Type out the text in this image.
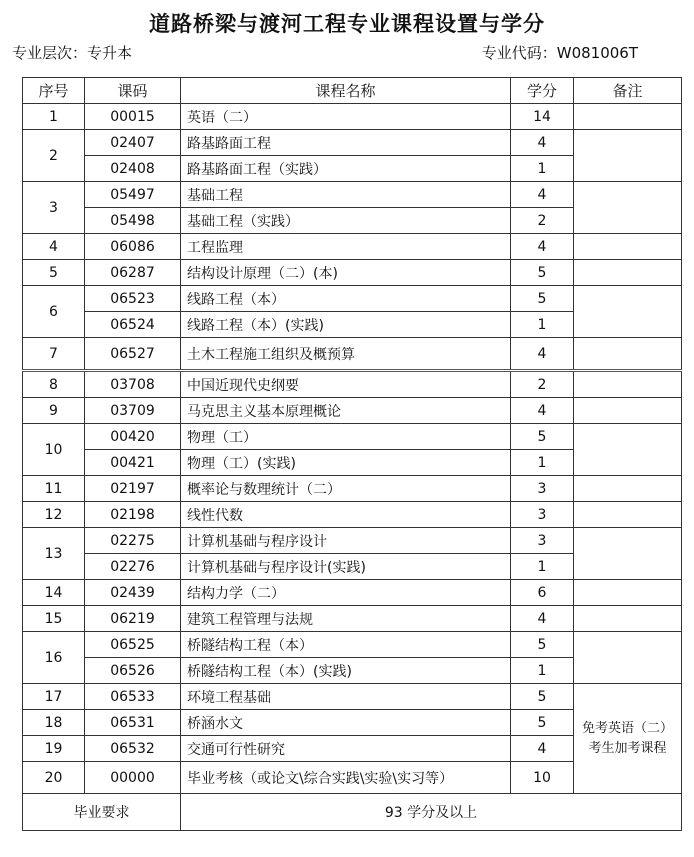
道路桥梁与渡河工程专业课程设置与学分
专业层次：专升本	专业代码：W081006T
序号	课码	课程名称	学分	备注
1	00015	英语（二）	14	
2	02407	路基路面工程	4	
	02408	路基路面工程（实践）	1	
3	05497	基础工程	4	
	05498	基础工程（实践）	2	
4	06086	工程监理	4	
5	06287	结构设计原理（二）(本)	5	
6	06523	线路工程（本）	5	
	06524	线路工程（本）(实践)	1	
7	06527	土木工程施工组织及概预算	4	
8	03708	中国近现代史纲要	2	
9	03709	马克思主义基本原理概论	4	
10	00420	物理（工）	5	
	00421	物理（工）(实践)	1	
11	02197	概率论与数理统计（二）	3	
12	02198	线性代数	3	
13	02275	计算机基础与程序设计	3	
	02276	计算机基础与程序设计(实践)	1	
14	02439	结构力学（二）	6	
15	06219	建筑工程管理与法规	4	
16	06525	桥隧结构工程（本）	5	
	06526	桥隧结构工程（本）(实践)	1	
17	06533	环境工程基础	5	免考英语（二）考生加考课程
18	06531	桥涵水文	5	
19	06532	交通可行性研究	4	
20	00000	毕业考核（或论文\综合实践\实验\实习等）	10	
毕业要求		93 学分及以上		
